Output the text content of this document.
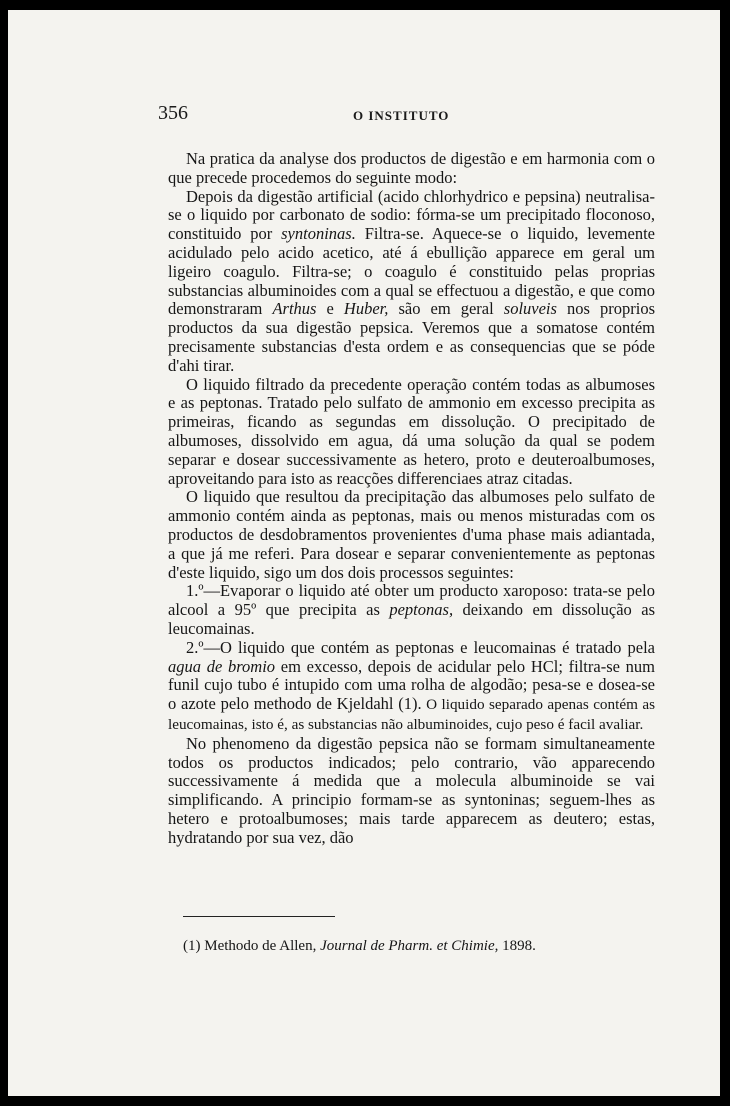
356	O INSTITUTO

Na pratica da analyse dos productos de digestão e em harmonia com o que precede procedemos do seguinte modo:

Depois da digestão artificial (acido chlorhydrico e pepsina) neutralisa-se o liquido por carbonato de sodio: fórma-se um precipitado floconoso, constituido por syntoninas. Filtra-se. Aquece-se o liquido, levemente acidulado pelo acido acetico, até á ebullição apparece em geral um ligeiro coagulo. Filtra-se; o coagulo é constituido pelas proprias substancias albuminoides com a qual se effectuou a digestão, e que como demonstraram Arthus e Huber, são em geral soluveis nos proprios productos da sua digestão pepsica. Veremos que a somatose contém precisamente substancias d'esta ordem e as consequencias que se póde d'ahi tirar.

O liquido filtrado da precedente operação contém todas as albumoses e as peptonas. Tratado pelo sulfato de ammonio em excesso precipita as primeiras, ficando as segundas em dissolução. O precipitado de albumoses, dissolvido em agua, dá uma solução da qual se podem separar e dosear successivamente as hetero, proto e deuteroalbumoses, aproveitando para isto as reacções differenciaes atraz citadas.

O liquido que resultou da precipitação das albumoses pelo sulfato de ammonio contém ainda as peptonas, mais ou menos misturadas com os productos de desdobramentos provenientes d'uma phase mais adiantada, a que já me referi. Para dosear e separar convenientemente as peptonas d'este liquido, sigo um dos dois processos seguintes:

1.º—Evaporar o liquido até obter um producto xaroposo: trata-se pelo alcool a 95º que precipita as peptonas, deixando em dissolução as leucomainas.

2.º—O liquido que contém as peptonas e leucomainas é tratado pela agua de bromio em excesso, depois de acidular pelo HCl; filtra-se num funil cujo tubo é intupido com uma rolha de algodão; pesa-se e dosea-se o azote pelo methodo de Kjeldahl (1). O liquido separado apenas contém as leucomainas, isto é, as substancias não albuminoides, cujo peso é facil avaliar.

No phenomeno da digestão pepsica não se formam simultaneamente todos os productos indicados; pelo contrario, vão apparecendo successivamente á medida que a molecula albuminoide se vai simplificando. A principio formam-se as syntoninas; seguem-lhes as hetero e protoalbumoses; mais tarde apparecem as deutero; estas, hydratando por sua vez, dão

(1) Methodo de Allen, Journal de Pharm. et Chimie, 1898.
